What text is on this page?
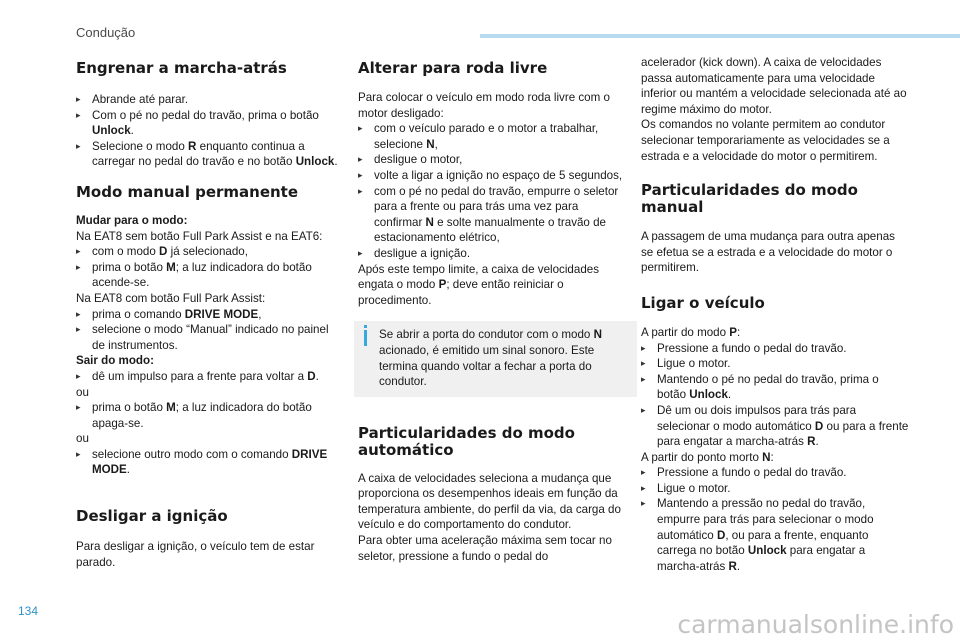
Condução
Engrenar a marcha-atrás

▸ Abrande até parar.

▸ Com o pé no pedal do travão, prima o botão Unlock.

▸ Selecione o modo R enquanto continua a carregar no pedal do travão e no botão Unlock.

Modo manual permanente

Mudar para o modo:

Na EAT8 sem botão Full Park Assist e na EAT6:

▸ com o modo D já selecionado,

▸ prima o botão M; a luz indicadora do botão acende-se.

Na EAT8 com botão Full Park Assist:

▸ prima o comando DRIVE MODE,

▸ selecione o modo “Manual” indicado no painel de instrumentos.

Sair do modo:

▸ dê um impulso para a frente para voltar a D.

ou

▸ prima o botão M; a luz indicadora do botão apaga-se.

ou

▸ selecione outro modo com o comando DRIVE MODE.

Desligar a ignição

Para desligar a ignição, o veículo tem de estar parado.

Alterar para roda livre

Para colocar o veículo em modo roda livre com o motor desligado:

▸ com o veículo parado e o motor a trabalhar, selecione N,

▸ desligue o motor,

▸ volte a ligar a ignição no espaço de 5 segundos,

▸ com o pé no pedal do travão, empurre o seletor para a frente ou para trás uma vez para confirmar N e solte manualmente o travão de estacionamento elétrico,

▸ desligue a ignição.

Após este tempo limite, a caixa de velocidades engata o modo P; deve então reiniciar o procedimento.

Se abrir a porta do condutor com o modo N acionado, é emitido um sinal sonoro. Este termina quando voltar a fechar a porta do condutor.

Particularidades do modo automático

A caixa de velocidades seleciona a mudança que proporciona os desempenhos ideais em função da temperatura ambiente, do perfil da via, da carga do veículo e do comportamento do condutor.

Para obter uma aceleração máxima sem tocar no seletor, pressione a fundo o pedal do

acelerador (kick down). A caixa de velocidades passa automaticamente para uma velocidade inferior ou mantém a velocidade selecionada até ao regime máximo do motor.

Os comandos no volante permitem ao condutor selecionar temporariamente as velocidades se a estrada e a velocidade do motor o permitirem.

Particularidades do modo manual

A passagem de uma mudança para outra apenas se efetua se a estrada e a velocidade do motor o permitirem.

Ligar o veículo

A partir do modo P:

▸ Pressione a fundo o pedal do travão.

▸ Ligue o motor.

▸ Mantendo o pé no pedal do travão, prima o botão Unlock.

▸ Dê um ou dois impulsos para trás para selecionar o modo automático D ou para a frente para engatar a marcha-atrás R.

A partir do ponto morto N:

▸ Pressione a fundo o pedal do travão.

▸ Ligue o motor.

▸ Mantendo a pressão no pedal do travão, empurre para trás para selecionar o modo automático D, ou para a frente, enquanto carrega no botão Unlock para engatar a marcha-atrás R.

134	carmanualsonline.info
